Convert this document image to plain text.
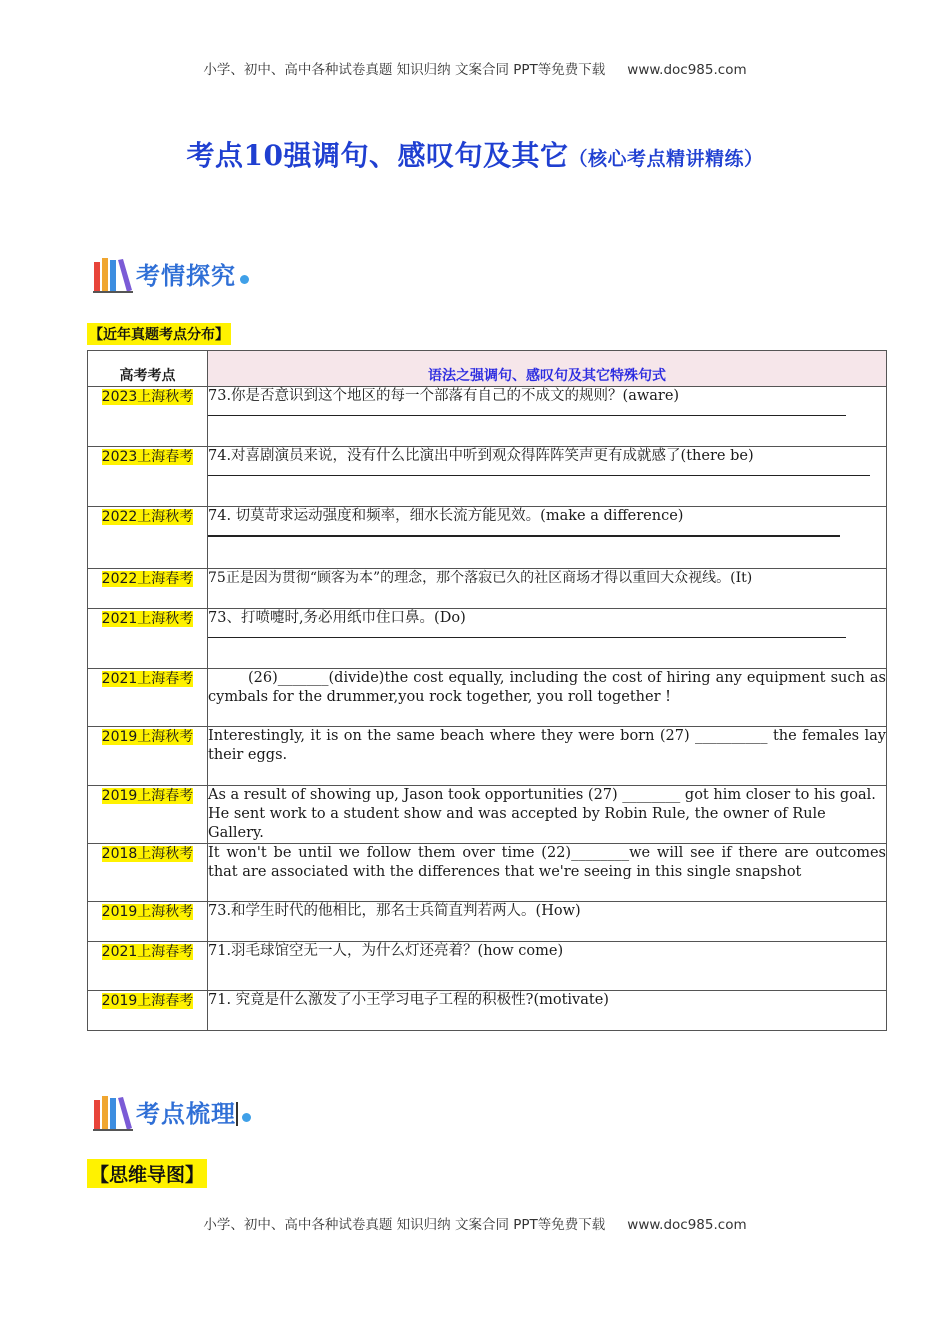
小学、初中、高中各种试卷真题 知识归纳 文案合同 PPT等免费下载 www.doc985.com
考点10强调句、感叹句及其它（核心考点精讲精练）
考情探究
【近年真题考点分布】
高考考点	语法之强调句、感叹句及其它特殊句式
2023上海秋考	73.你是否意识到这个地区的每一个部落有自己的不成文的规则？(aware)

2023上海春考	74.对喜剧演员来说，没有什么比演出中听到观众得阵阵笑声更有成就感了(there be)

2022上海秋考	74. 切莫苛求运动强度和频率，细水长流方能见效。(make a difference)

2022上海春考	75正是因为贯彻“顾客为本”的理念，那个落寂已久的社区商场才得以重回大众视线。(It)

2021上海秋考	73、打喷嚏时,务必用纸巾住口鼻。(Do)

2021上海春考	(26)_______(divide)the cost equally, including the cost of hiring any equipment such as cymbals for the drummer,you rock together, you roll together !
2019上海秋考	Interestingly, it is on the same beach where they were born (27) __________ the females lay their eggs.

2019上海春考	As a result of showing up, Jason took opportunities (27) ________ got him closer to his goal. He sent work to a student show and was accepted by Robin Rule, the owner of Rule Gallery.

2018上海秋考	It won't be until we follow them over time (22)________we will see if there are outcomes that are associated with the differences that we're seeing in this single snapshot

2019上海秋考	73.和学生时代的他相比，那名士兵简直判若两人。(How)

2021上海春考	71.羽毛球馆空无一人，为什么灯还亮着？(how come)

2019上海春考	71. 究竟是什么激发了小王学习电子工程的积极性?(motivate)
考点梳理
【思维导图】
小学、初中、高中各种试卷真题 知识归纳 文案合同 PPT等免费下载 www.doc985.com
